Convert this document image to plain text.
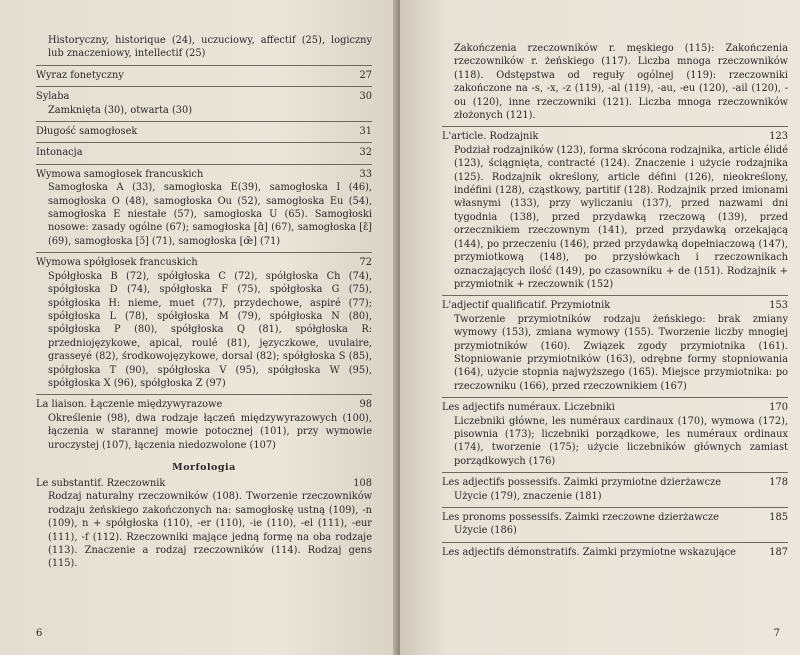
Historyczny, historique (24), uczuciowy, affectif (25), logiczny lub znaczeniowy, intellectif (25)
Wyraz fonetyczny	27
Sylaba	30
Zamknięta (30), otwarta (30)
Długość samogłosek	31
Intonacja	32
Wymowa samogłosek francuskich	33
Samogłoska A (33), samogłoska E(39), samogłoska I (46), samogłoska O (48), samogłoska Ou (52), samogłoska Eu (54), samogłoska E niestałe (57), samogłoska U (65). Samogłoski nosowe: zasady ogólne (67); samogłoska [ɑ̃] (67), samogłoska [ɛ̃] (69), samogłoska [ɔ̃] (71), samogłoska [œ̃] (71)
Wymowa spółgłosek francuskich	72
Spółgłoska B (72), spółgłoska C (72), spółgłoska Ch (74), spółgłoska D (74), spółgłoska F (75), spółgłoska G (75), spółgłoska H: nieme, muet (77), przydechowe, aspiré (77); spółgłoska L (78), spółgłoska M (79), spółgłoska N (80), spółgłoska P (80), spółgłoska Q (81), spółgłoska R: przedniojęzykowe, apical, roulé (81), języczkowe, uvulaire, grasseyé (82), środkowojęzykowe, dorsal (82); spółgłoska S (85), spółgłoska T (90), spółgłoska V (95), spółgłoska W (95), spółgłoska X (96), spółgłoska Z (97)
La liaison. Łączenie międzywyrazowe	98
Określenie (98), dwa rodzaje łączeń międzywyrazowych (100), łączenia w starannej mowie potocznej (101), przy wymowie uroczystej (107), łączenia niedozwolone (107)
Morfologia
Le substantif. Rzeczownik	108
Rodzaj naturalny rzeczowników (108). Tworzenie rzeczowników rodzaju żeńskiego zakończonych na: samogłoskę ustną (109), -n (109), n + spółgłoska (110), -er (110), -ie (110), -el (111), -eur (111), -f (112). Rzeczowniki mające jedną formę na oba rodzaje (113). Znaczenie a rodzaj rzeczowników (114). Rodzaj gens (115).
6
Zakończenia rzeczowników r. męskiego (115): Zakończenia rzeczowników r. żeńskiego (117). Liczba mnoga rzeczowników (118). Odstępstwa od reguły ogólnej (119): rzeczowniki zakończone na -s, -x, -z (119), -al (119), -au, -eu (120), -ail (120), -ou (120), inne rzeczowniki (121). Liczba mnoga rzeczowników złożonych (121).
L'article. Rodzajnik	123
Podział rodzajników (123), forma skrócona rodzajnika, article élidé (123), ściągnięta, contracté (124). Znaczenie i użycie rodzajnika (125). Rodzajnik określony, article défini (126), nieokreślony, indéfini (128), cząstkowy, partitif (128). Rodzajnik przed imionami własnymi (133), przy wyliczaniu (137), przed nazwami dni tygodnia (138), przed przydawką rzeczową (139), przed orzecznikiem rzeczownym (141), przed przydawką orzekającą (144), po przeczeniu (146), przed przydawką dopełniaczową (147), przymiotkową (148), po przysłówkach i rzeczownikach oznaczających ilość (149), po czasowniku + de (151). Rodzajnik + przymiotnik + rzeczownik (152)
L'adjectif qualificatif. Przymiotnik	153
Tworzenie przymiotników rodzaju żeńskiego: brak zmiany wymowy (153), zmiana wymowy (155). Tworzenie liczby mnogiej przymiotników (160). Związek zgody przymiotnika (161). Stopniowanie przymiotników (163), odrębne formy stopniowania (164), użycie stopnia najwyższego (165). Miejsce przymiotnika: po rzeczowniku (166), przed rzeczownikiem (167)
Les adjectifs numéraux. Liczebniki	170
Liczebniki główne, les numéraux cardinaux (170), wymowa (172), pisownia (173); liczebniki porządkowe, les numéraux ordinaux (174), tworzenie (175); użycie liczebników głównych zamiast porządkowych (176)
Les adjectifs possessifs. Zaimki przymiotne dzierżawcze	178
Użycie (179), znaczenie (181)
Les pronoms possessifs. Zaimki rzeczowne dzierżawcze	185
Użycie (186)
Les adjectifs démonstratifs. Zaimki przymiotne wskazujące	187
7
